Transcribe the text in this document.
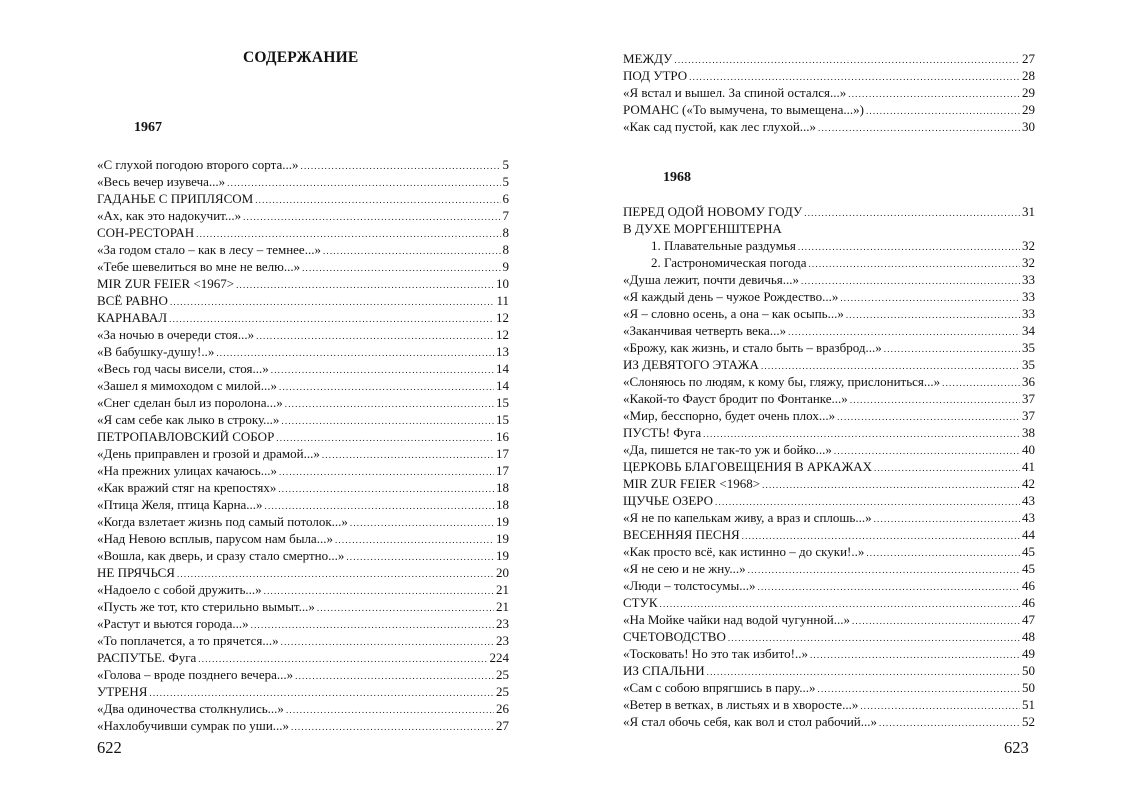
СОДЕРЖАНИЕ
1967
«С глухой погодою второго сорта...» .....	5
«Весь вечер изувеча...» .....	5
ГАДАНЬЕ С ПРИПЛЯСОМ .....	6
«Ах, как это надокучит...» .....	7
СОН-РЕСТОРАН .....	8
«За годом стало – как в лесу – темнее...» .....	8
«Тебе шевелиться во мне не велю...» .....	9
MIR ZUR FEIER <1967> .....	10
ВСЁ РАВНО .....	11
КАРНАВАЛ .....	12
«За ночью в очереди стоя...» .....	12
«В бабушку-душу!..» .....	13
«Весь год часы висели, стоя...» .....	14
«Зашел я мимоходом с милой...» .....	14
«Снег сделан был из поролона...» .....	15
«Я сам себе как лыко в строку...» .....	15
ПЕТРОПАВЛОВСКИЙ СОБОР .....	16
«День приправлен и грозой и драмой...» .....	17
«На прежних улицах качаюсь...» .....	17
«Как вражий стяг на крепостях» .....	18
«Птица Желя, птица Карна...» .....	18
«Когда взлетает жизнь под самый потолок...» .....	19
«Над Невою всплыв, парусом нам была...» .....	19
«Вошла, как дверь, и сразу стало смертно...» .....	19
НЕ ПРЯЧЬСЯ .....	20
«Надоело с собой дружить...» .....	21
«Пусть же тот, кто стерильно вымыт...» .....	21
«Растут и вьются города...» .....	23
«То поплачется, а то прячется...» .....	23
РАСПУТЬЕ. Фуга .....	224
«Голова – вроде позднего вечера...» .....	25
УТРЕНЯ .....	25
«Два одиночества столкнулись...» .....	26
«Нахлобучивши сумрак по уши...» .....	27
622
МЕЖДУ .....	27
ПОД УТРО .....	28
«Я встал и вышел. За спиной остался...» .....	29
РОМАНС («То вымучена, то вымещена...») .....	29
«Как сад пустой, как лес глухой...» .....	30
1968
ПЕРЕД ОДОЙ НОВОМУ ГОДУ .....	31
В ДУХЕ МОРГЕНШТЕРНА
1. Плавательные раздумья .....	32
2. Гастрономическая погода .....	32
«Душа лежит, почти девичья...» .....	33
«Я каждый день – чужое Рождество...» .....	33
«Я – словно осень, а она – как осыпь...» .....	33
«Заканчивая четверть века...» .....	34
«Брожу, как жизнь, и стало быть – вразброд...» .....	35
ИЗ ДЕВЯТОГО ЭТАЖА .....	35
«Слоняюсь по людям, к кому бы, гляжу, прислониться...» .....	36
«Какой-то Фауст бродит по Фонтанке...» .....	37
«Мир, бесспорно, будет очень плох...» .....	37
ПУСТЬ! Фуга .....	38
«Да, пишется не так-то уж и бойко...» .....	40
ЦЕРКОВЬ БЛАГОВЕЩЕНИЯ В АРКАЖАХ .....	41
MIR ZUR FEIER <1968> .....	42
ЩУЧЬЕ ОЗЕРО .....	43
«Я не по капелькам живу, а враз и сплошь...» .....	43
ВЕСЕННЯЯ ПЕСНЯ .....	44
«Как просто всё, как истинно – до скуки!..» .....	45
«Я не сею и не жну...» .....	45
«Люди – толстосумы...» .....	46
СТУК .....	46
«На Мойке чайки над водой чугунной...» .....	47
СЧЕТОВОДСТВО .....	48
«Тосковать! Но это так избито!..» .....	49
ИЗ СПАЛЬНИ .....	50
«Сам с собою впрягшись в пару...» .....	50
«Ветер в ветках, в листьях и в хворосте...» .....	51
«Я стал обочь себя, как вол и стол рабочий...» .....	52
623
